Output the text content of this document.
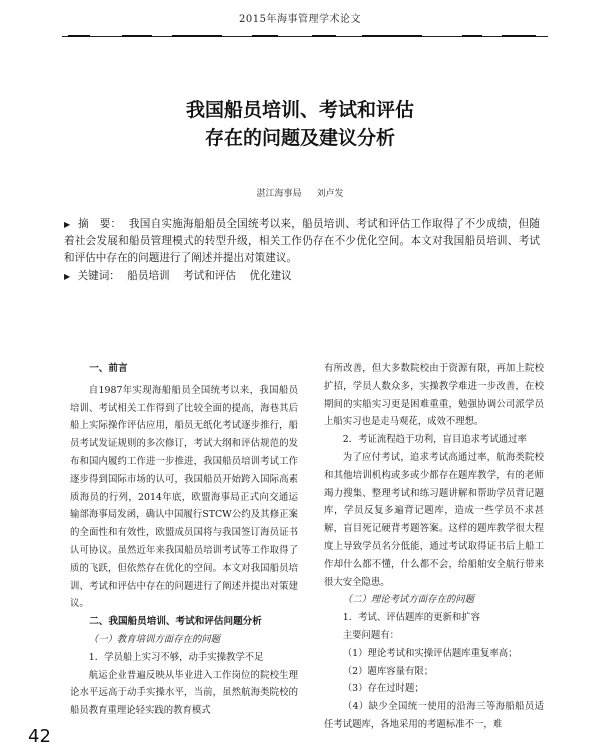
2015年海事管理学术论文
我国船员培训、考试和评估
存在的问题及建议分析
湛江海事局 刘卢发
▶ 摘　要： 我国自实施海船船员全国统考以来，船员培训、考试和评估工作取得了不少成绩，但随着社会发展和船员管理模式的转型升级，相关工作仍存在不少优化空间。本文对我国船员培训、考试和评估中存在的问题进行了阐述并提出对策建议。
▶ 关键词： 船员培训 考试和评估 优化建议

一、前言

自1987年实现海船船员全国统考以来，我国船员培训、考试相关工作得到了比较全面的提高，海巷其后船上实际操作评估应用，船员无纸化考试逐步推行，船员考试发证规则的多次修订，考试大纲和评估规范的发布和国内履约工作进一步推进，我国船员培训考试工作逐步得到国际市场的认可，我国船员开始跨入国际高素质海员的行列，2014年底，欧盟海事局正式向交通运输部海事局发函，确认中国履行STCW公约及其修正案的全面性和有效性，欧盟成员国将与我国签订海员证书认可协议。虽然近年来我国船员培训考试等工作取得了质的飞跃，但依然存在优化的空间。本文对我国船员培训、考试和评估中存在的问题进行了阐述并提出对策建议。

二、我国船员培训、考试和评估问题分析

（一）教育培训方面存在的问题

1．学员船上实习不够，动手实操教学不足

航运企业普遍反映从毕业进入工作岗位的院校生理论水平远高于动手实操水平，当前，虽然航海类院校的船员教育重理论轻实践的教育模式

有所改善，但大多数院校由于资源有限，再加上院校扩招，学员人数众多，实操教学难进一步改善，在校期间的实船实习更是困难重重，勉强协调公司派学员上船实习也是走马观花，成效不理想。

2．考证流程趋于功利，盲目追求考试通过率

为了应付考试，追求考试高通过率，航海类院校和其他培训机构或多或少都存在题库教学，有的老师竭力搜集、整理考试和练习题讲解和帮助学员背记题库，学员反复多遍背记题库，造成一些学员不求甚解，盲目死记硬背考题答案。这样的题库教学很大程度上导致学员名分低能，通过考试取得证书后上船工作却什么都不懂，什么都不会，给船舶安全航行带来很大安全隐患。

（二）理论考试方面存在的问题

1．考试、评估题库的更新和扩容

主要问题有：

（1）理论考试和实操评估题库重复率高；

（2）题库容量有限；

（3）存在过时题；

（4）缺少全国统一使用的沿海三等海船船员适任考试题库，各地采用的考题标准不一，难

42
